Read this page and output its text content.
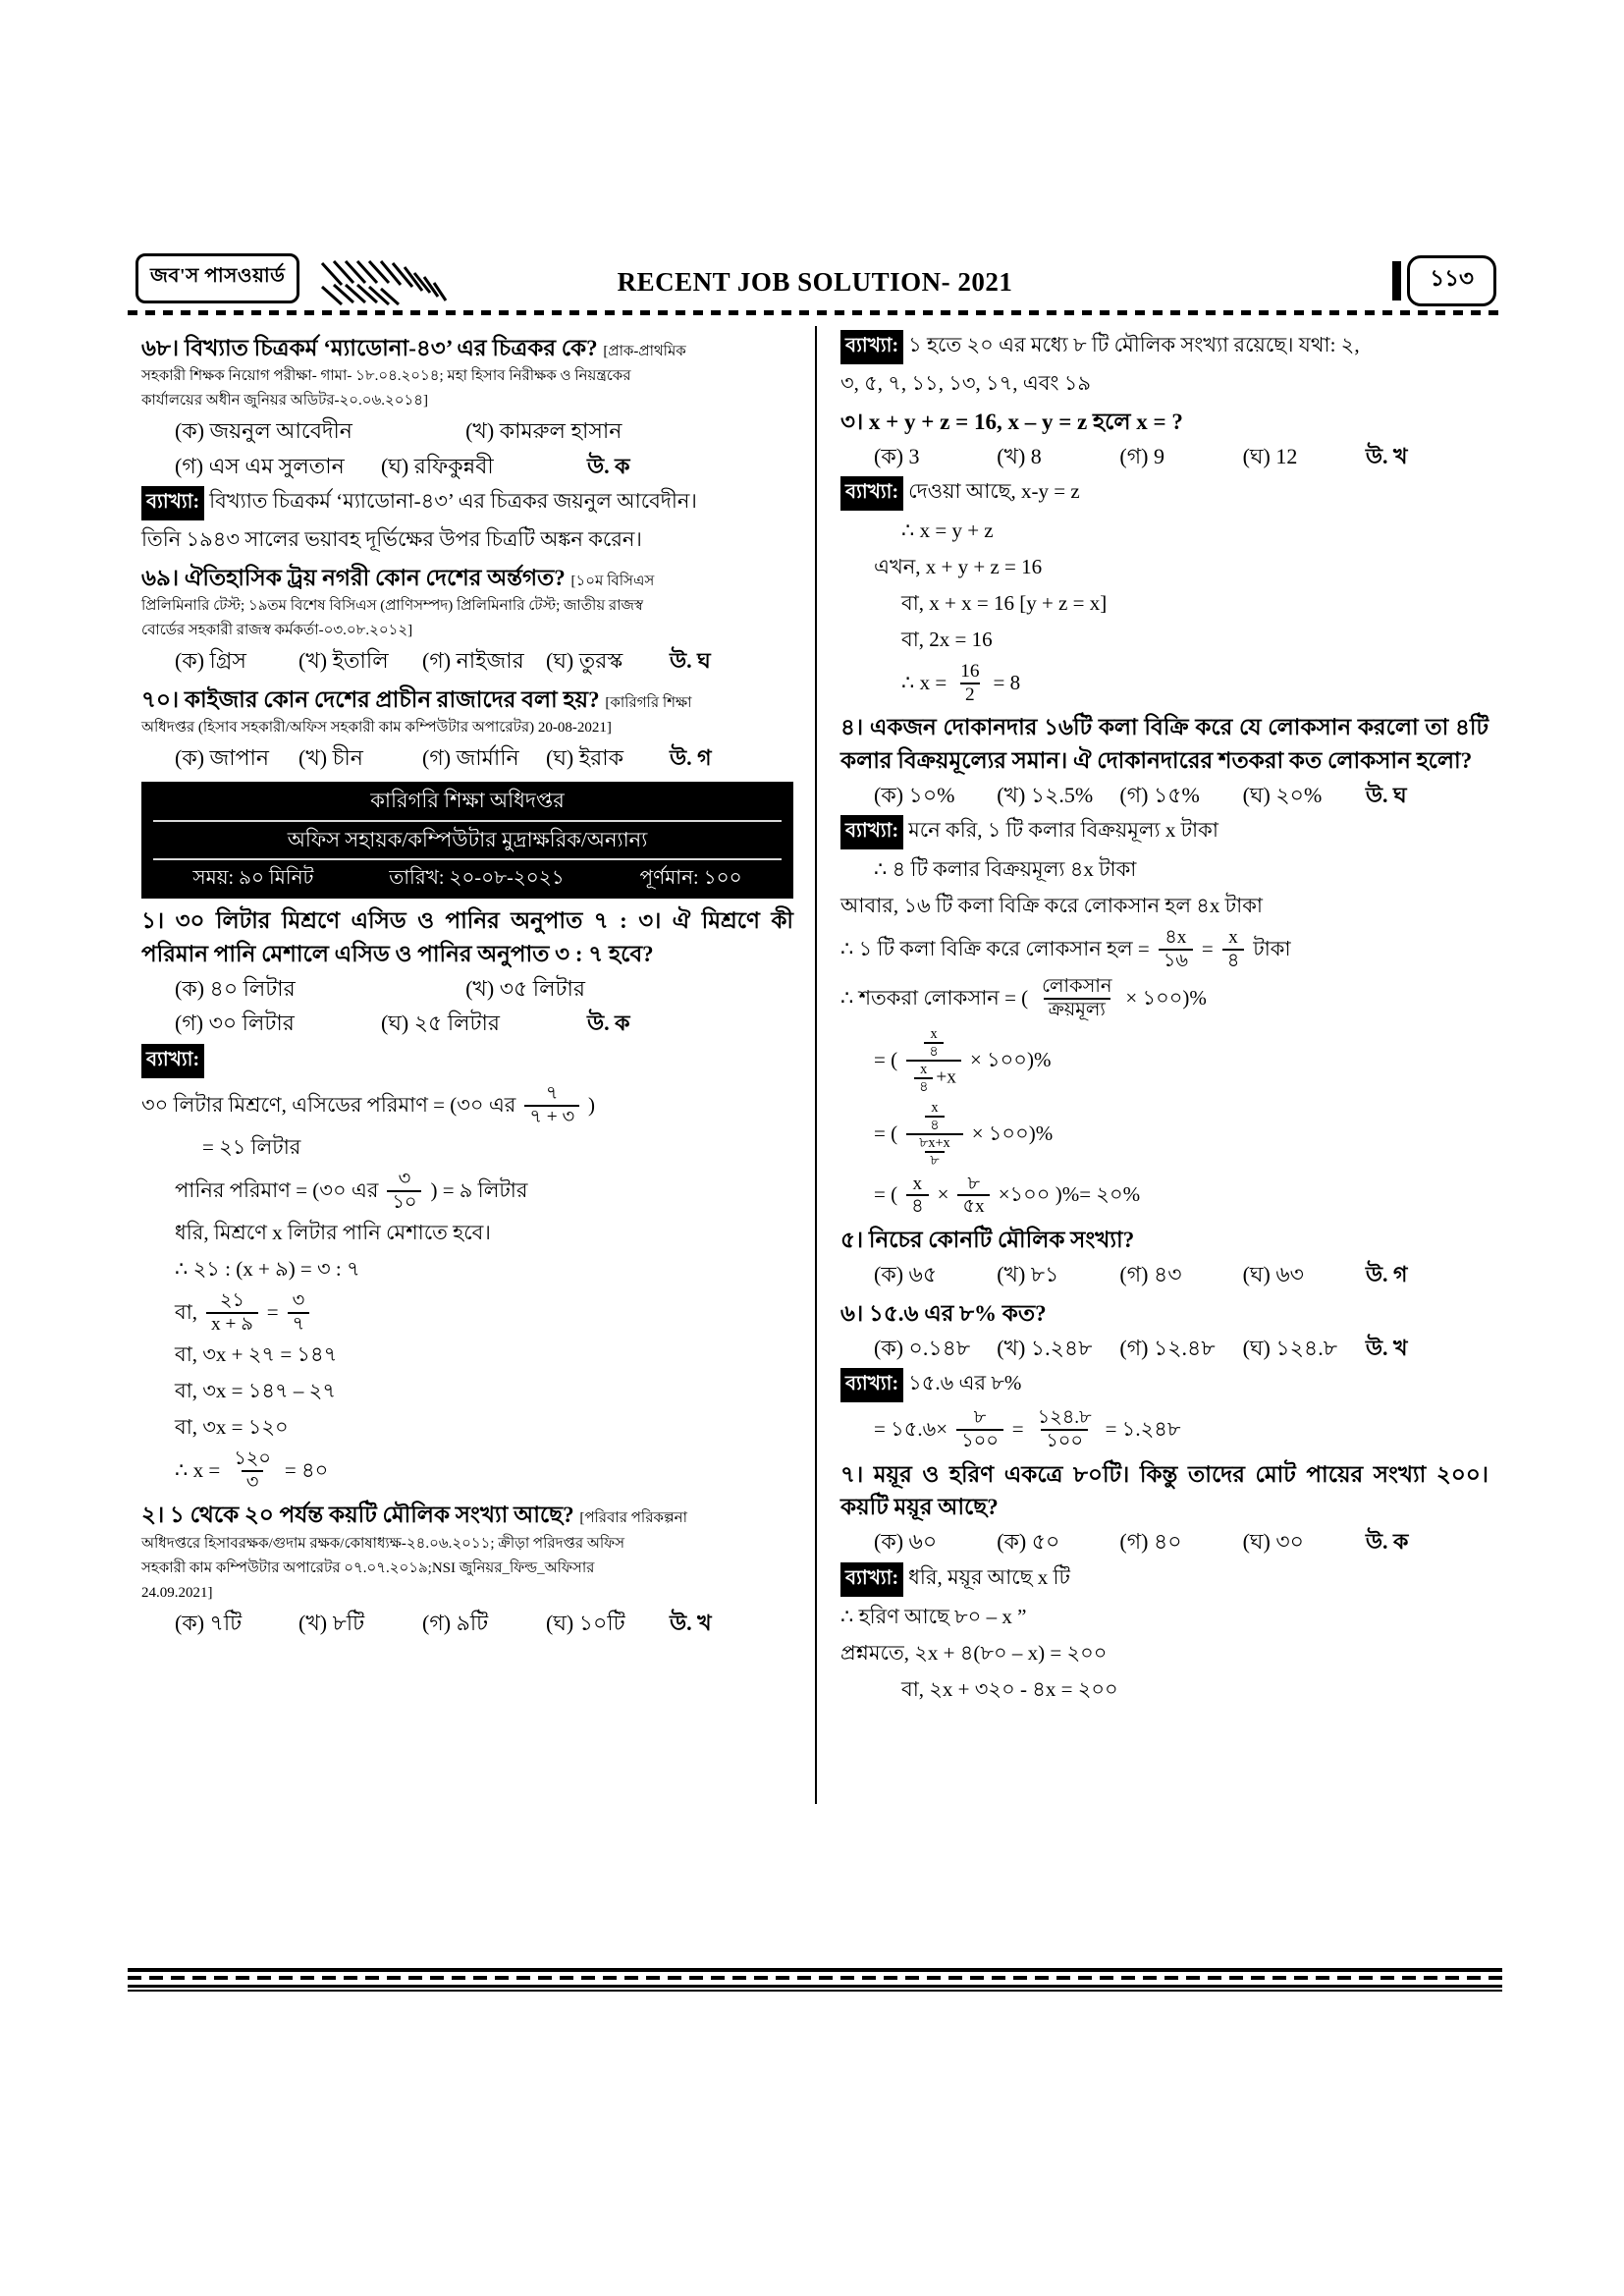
জব'স পাসওয়ার্ড	RECENT JOB SOLUTION- 2021	১১৩
৬৮। বিখ্যাত চিত্রকর্ম ‘ম্যাডোনা-৪৩’ এর চিত্রকর কে? [প্রাক-প্রাথমিক
সহকারী শিক্ষক নিয়োগ পরীক্ষা- গামা- ১৮.০৪.২০১৪; মহা হিসাব নিরীক্ষক ও নিয়ন্ত্রকের
কার্যালয়ের অধীন জুনিয়র অডিটর-২০.০৬.২০১৪]
(ক) জয়নুল আবেদীন	(খ) কামরুল হাসান
(গ) এস এম সুলতান	(ঘ) রফিকুন্নবী	উ. ক
ব্যাখ্যা: বিখ্যাত চিত্রকর্ম ‘ম্যাডোনা-৪৩’ এর চিত্রকর জয়নুল আবেদীন।
তিনি ১৯৪৩ সালের ভয়াবহ দূর্ভিক্ষের উপর চিত্রটি অঙ্কন করেন।
৬৯। ঐতিহাসিক ট্রয় নগরী কোন দেশের অর্ন্তগত? [১০ম বিসিএস
প্রিলিমিনারি টেস্ট; ১৯তম বিশেষ বিসিএস (প্রাণিসম্পদ) প্রিলিমিনারি টেস্ট; জাতীয় রাজস্ব
বোর্ডের সহকারী রাজস্ব কর্মকর্তা-০৩.০৮.২০১২]
(ক) গ্রিস	(খ) ইতালি	(গ) নাইজার	(ঘ) তুরস্ক	উ. ঘ
৭০। কাইজার কোন দেশের প্রাচীন রাজাদের বলা হয়? [কারিগরি শিক্ষা
অধিদপ্তর (হিসাব সহকারী/অফিস সহকারী কাম কম্পিউটার অপারেটর) 20-08-2021]
(ক) জাপান	(খ) চীন	(গ) জার্মানি	(ঘ) ইরাক	উ. গ
কারিগরি শিক্ষা অধিদপ্তর
অফিস সহায়ক/কম্পিউটার মুদ্রাক্ষরিক/অন্যান্য
সময়: ৯০ মিনিট	তারিখ: ২০-০৮-২০২১	পূর্ণমান: ১০০
১। ৩০ লিটার মিশ্রণে এসিড ও পানির অনুপাত ৭ : ৩। ঐ মিশ্রণে কী পরিমান পানি মেশালে এসিড ও পানির অনুপাত ৩ : ৭ হবে?
(ক) ৪০ লিটার	(খ) ৩৫ লিটার
(গ) ৩০ লিটার	(ঘ) ২৫ লিটার	উ. ক
ব্যাখ্যা:
৩০ লিটার মিশ্রণে, এসিডের পরিমাণ = (৩০ এর $\frac{৭}{৭ + ৩}$ )
= ২১ লিটার
পানির পরিমাণ = (৩০ এর $\frac{৩}{১০}$ ) = ৯ লিটার
ধরি, মিশ্রণে x লিটার পানি মেশাতে হবে।
∴ ২১ : (x + ৯) = ৩ : ৭
বা, $\frac{২১}{x + ৯} = \frac{৩}{৭}$
বা, ৩x + ২৭ = ১৪৭
বা, ৩x = ১৪৭ – ২৭
বা, ৩x = ১২০
∴ $x = \frac{১২০}{৩}$ = ৪০
২। ১ থেকে ২০ পর্যন্ত কয়টি মৌলিক সংখ্যা আছে? [পরিবার পরিকল্পনা
অধিদপ্তরে হিসাবরক্ষক/গুদাম রক্ষক/কোষাধ্যক্ষ-২৪.০৬.২০১১; ক্রীড়া পরিদপ্তর অফিস
সহকারী কাম কম্পিউটার অপারেটর ০৭.০৭.২০১৯;NSI জুনিয়র_ফিল্ড_অফিসার
24.09.2021]
(ক) ৭টি	(খ) ৮টি	(গ) ৯টি	(ঘ) ১০টি	উ. খ
ব্যাখ্যা: ১ হতে ২০ এর মধ্যে ৮ টি মৌলিক সংখ্যা রয়েছে। যথা: ২,
৩, ৫, ৭, ১১, ১৩, ১৭, এবং ১৯
৩। x + y + z = 16, x – y = z হলে x = ?
(ক) 3	(খ) 8	(গ) 9	(ঘ) 12	উ. খ
ব্যাখ্যা: দেওয়া আছে, x-y = z
∴ x = y + z
এখন, x + y + z = 16
বা, x + x = 16 [y + z = x]
বা, 2x = 16
∴ $x = \frac{16}{2} = 8$
৪। একজন দোকানদার ১৬টি কলা বিক্রি করে যে লোকসান করলো তা ৪টি কলার বিক্রয়মূল্যের সমান। ঐ দোকানদারের শতকরা কত লোকসান হলো?
(ক) ১০%	(খ) ১২.5%	(গ) ১৫%	(ঘ) ২০%	উ. ঘ
ব্যাখ্যা: মনে করি, ১ টি কলার বিক্রয়মূল্য x টাকা
∴ ৪ টি কলার বিক্রয়মূল্য ৪x টাকা
আবার, ১৬ টি কলা বিক্রি করে লোকসান হল ৪x টাকা
∴ ১ টি কলা বিক্রি করে লোকসান হল = $\frac{৪x}{১৬} = \frac{x}{৪}$ টাকা
∴ শতকরা লোকসান = ( $\frac{\text{লোকসান}}{\text{ক্রয়মূল্য}}$ × ১০০)%
= ( $\frac{\frac{x}{৪}}{\frac{x}{৪} +x}$ × ১০০)%
= ( $\frac{\frac{x}{৪}}{\frac{৮x+x}{৮}}$ × ১০০)%
= ( $\frac{x}{৪} \times \frac{৮}{৫x}$ ×১০০ )%= ২০%
৫। নিচের কোনটি মৌলিক সংখ্যা?
(ক) ৬৫	(খ) ৮১	(গ) ৪৩	(ঘ) ৬৩	উ. গ
৬। ১৫.৬ এর ৮% কত?
(ক) ০.১৪৮	(খ) ১.২৪৮	(গ) ১২.৪৮	(ঘ) ১২৪.৮	উ. খ
ব্যাখ্যা: ১৫.৬ এর ৮%
= ১৫.৬× $\frac{৮}{১০০} = \frac{১২৪.৮}{১০০}$ = ১.২৪৮
৭। ময়ূর ও হরিণ একত্রে ৮০টি। কিন্তু তাদের মোট পায়ের সংখ্যা ২০০। কয়টি ময়ূর আছে?
(ক) ৬০	(ক) ৫০	(গ) ৪০	(ঘ) ৩০	উ. ক
ব্যাখ্যা: ধরি, ময়ূর আছে x টি
∴ হরিণ আছে ৮০ – x ”
প্রশ্নমতে, ২x + ৪(৮০ – x) = ২০০
বা, ২x + ৩২০ - ৪x = ২০০
